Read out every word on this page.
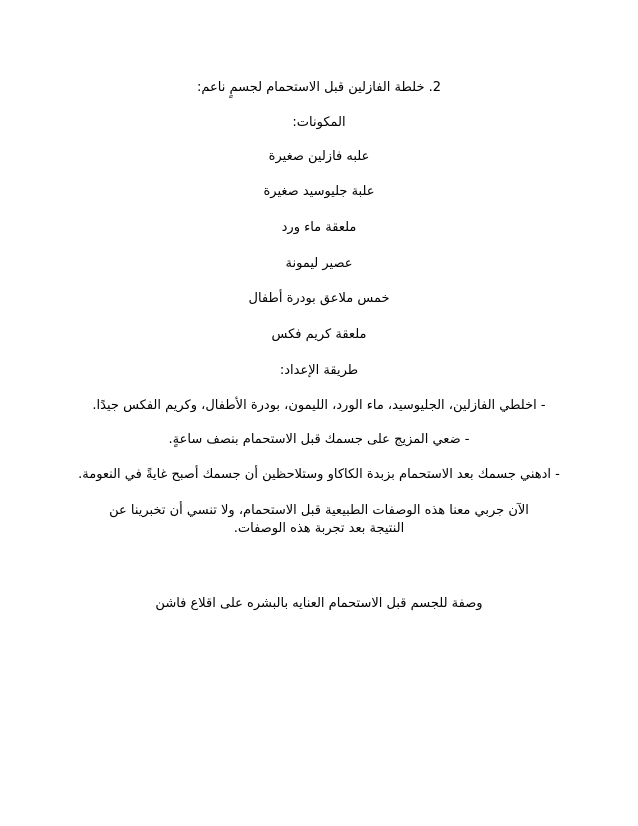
2. خلطة الفازلين قبل الاستحمام لجسمٍ ناعم:
المكونات:
علبه فازلين صغيرة
علبة جليوسيد صغيرة
ملعقة ماء ورد
عصير ليمونة
خمس ملاعق بودرة أطفال
ملعقة كريم فكس
طريقة الإعداد:
- اخلطي الفازلين، الجليوسيد، ماء الورد، الليمون، بودرة الأطفال، وكريم الفكس جيدًا.
- ضعي المزيج على جسمك قبل الاستحمام بنصف ساعةٍ.
- ادهني جسمك بعد الاستحمام بزبدة الكاكاو وستلاحظين أن جسمك أصبح غايةً في النعومة.
الآن جربي معنا هذه الوصفات الطبيعية قبل الاستحمام، ولا تنسي أن تخبرينا عن النتيجة بعد تجربة هذه الوصفات.
وصفة للجسم قبل الاستحمام العنايه بالبشره على اقلاع فاشن
